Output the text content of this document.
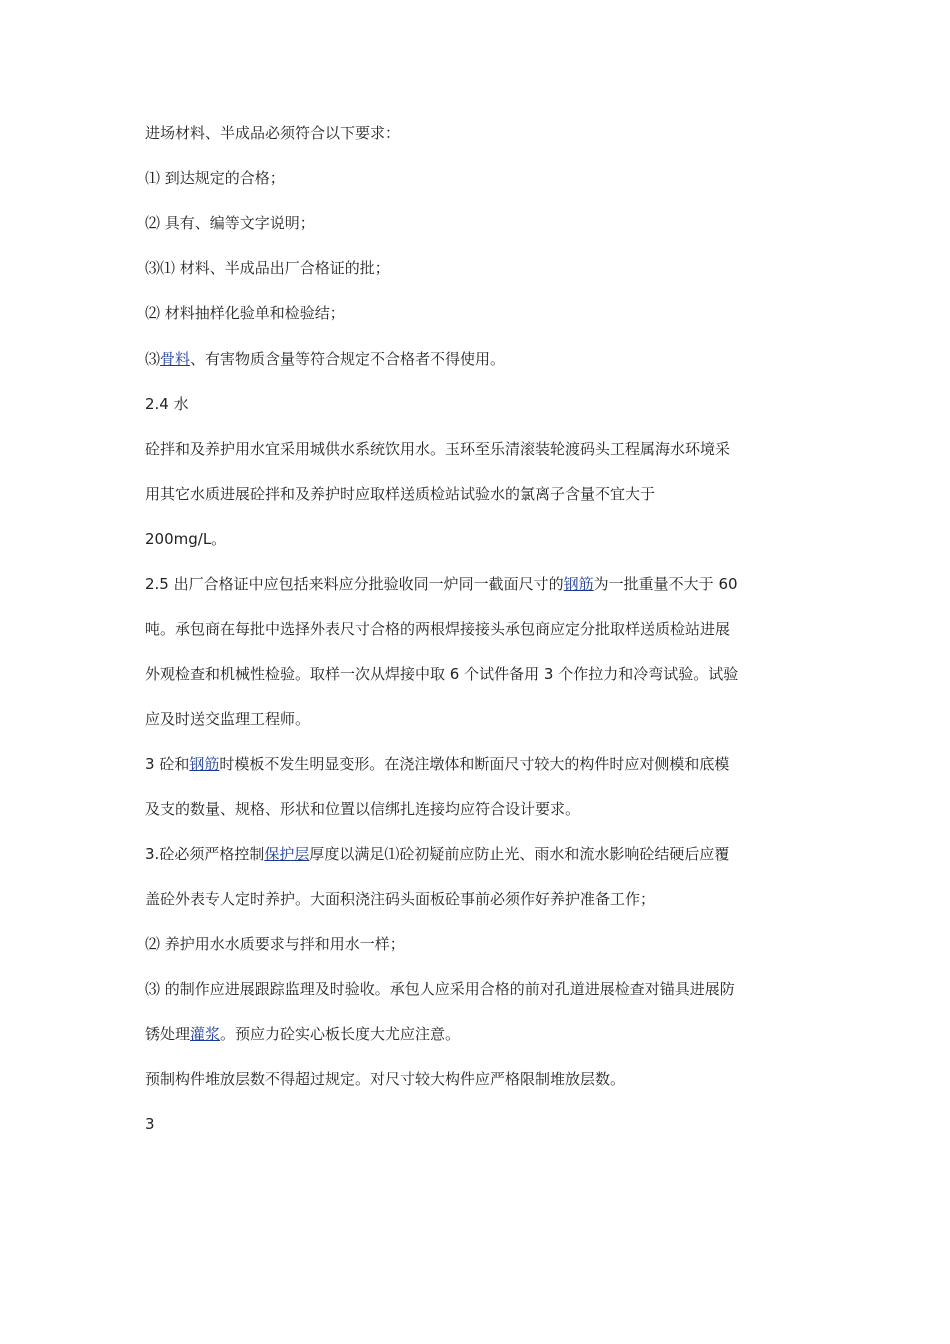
进场材料、半成品必须符合以下要求：

⑴ 到达规定的合格；

⑵ 具有、编等文字说明；

⑶⑴ 材料、半成品出厂合格证的批；

⑵ 材料抽样化验单和检验结；

⑶骨料、有害物质含量等符合规定不合格者不得使用。

2.4 水

砼拌和及养护用水宜采用城供水系统饮用水。玉环至乐清滚装轮渡码头工程属海水环境采

用其它水质进展砼拌和及养护时应取样送质检站试验水的氯离子含量不宜大于

200mg/L。

2.5 出厂合格证中应包括来料应分批验收同一炉同一截面尺寸的钢筋为一批重量不大于 60

吨。承包商在每批中选择外表尺寸合格的两根焊接接头承包商应定分批取样送质检站进展

外观检查和机械性检验。取样一次从焊接中取 6 个试件备用 3 个作拉力和冷弯试验。试验

应及时送交监理工程师。

3 砼和钢筋时模板不发生明显变形。在浇注墩体和断面尺寸较大的构件时应对侧模和底模

及支的数量、规格、形状和位置以信绑扎连接均应符合设计要求。

3.砼必须严格控制保护层厚度以满足⑴砼初疑前应防止光、雨水和流水影响砼结硬后应覆

盖砼外表专人定时养护。大面积浇注码头面板砼事前必须作好养护准备工作；

⑵ 养护用水水质要求与拌和用水一样；

⑶ 的制作应进展跟踪监理及时验收。承包人应采用合格的前对孔道进展检查对锚具进展防

锈处理灌浆。预应力砼实心板长度大尤应注意。

预制构件堆放层数不得超过规定。对尺寸较大构件应严格限制堆放层数。

3
